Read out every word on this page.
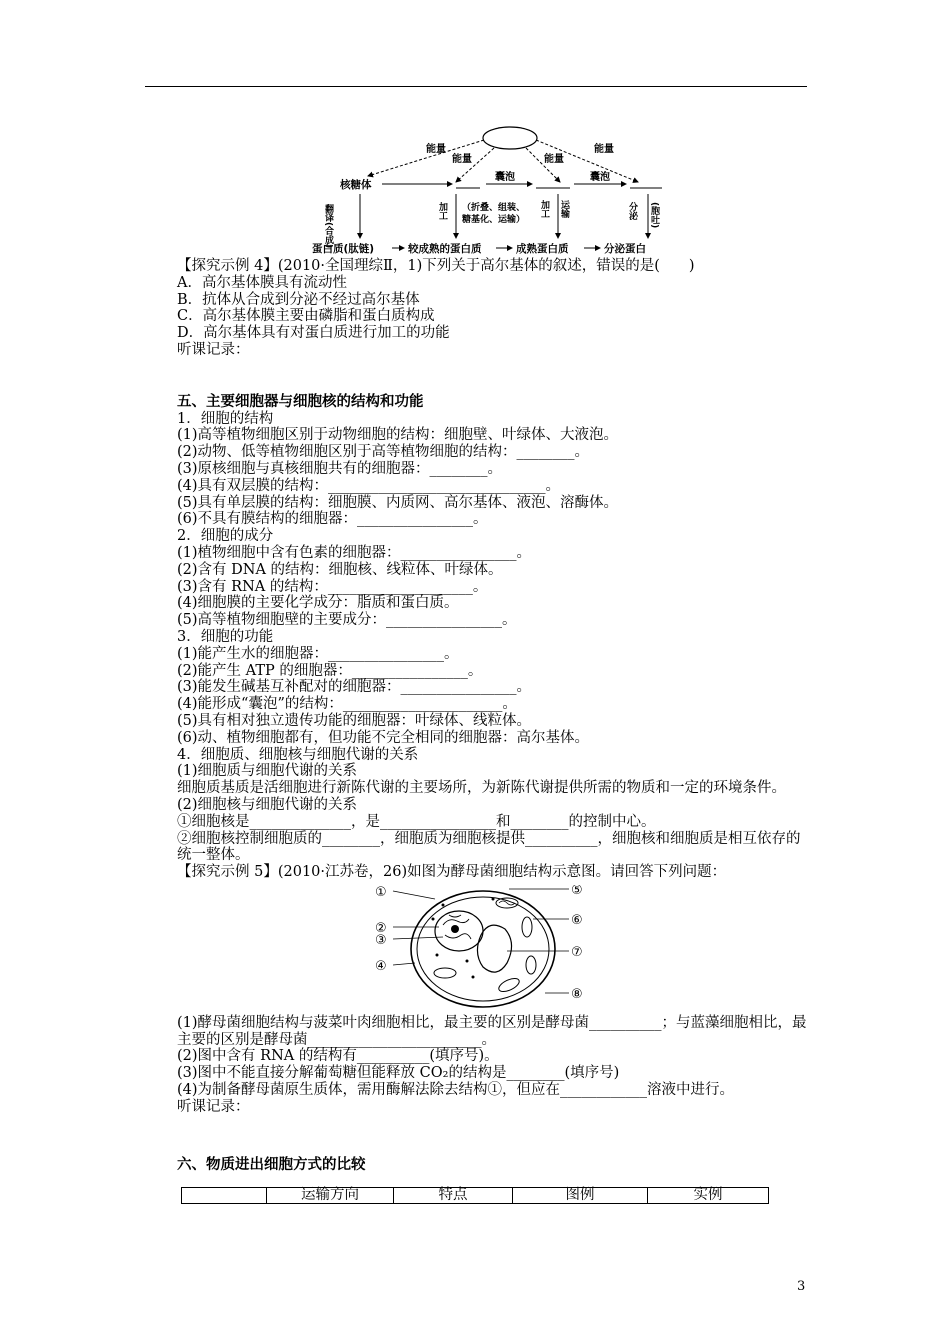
能量
能量	能量
能量
核糖体
囊泡	囊泡
翻译(合成)	加工 （折叠、组装、
糖基化、运输）
加工 运输	分泌 (胞吐)
蛋白质(肽链)	较成熟的蛋白质	成熟蛋白质	分泌蛋白

【探究示例 4】(2010·全国理综Ⅱ，1)下列关于高尔基体的叙述，错误的是(　　)

A．高尔基体膜具有流动性

B．抗体从合成到分泌不经过高尔基体

C．高尔基体膜主要由磷脂和蛋白质构成

D．高尔基体具有对蛋白质进行加工的功能

听课记录：

五、主要细胞器与细胞核的结构和功能

1．细胞的结构

(1)高等植物细胞区别于动物细胞的结构：细胞壁、叶绿体、大液泡。

(2)动物、低等植物细胞区别于高等植物细胞的结构：________。

(3)原核细胞与真核细胞共有的细胞器：________。

(4)具有双层膜的结构：______________________________。

(5)具有单层膜的结构：细胞膜、内质网、高尔基体、液泡、溶酶体。

(6)不具有膜结构的细胞器：________________。

2．细胞的成分

(1)植物细胞中含有色素的细胞器：________________。

(2)含有 DNA 的结构：细胞核、线粒体、叶绿体。

(3)含有 RNA 的结构：____________________。

(4)细胞膜的主要化学成分：脂质和蛋白质。

(5)高等植物细胞壁的主要成分：________________。

3．细胞的功能

(1)能产生水的细胞器：________________。

(2)能产生 ATP 的细胞器：________________。

(3)能发生碱基互补配对的细胞器：________________。

(4)能形成“囊泡”的结构：______________________。

(5)具有相对独立遗传功能的细胞器：叶绿体、线粒体。

(6)动、植物细胞都有，但功能不完全相同的细胞器：高尔基体。

4．细胞质、细胞核与细胞代谢的关系

(1)细胞质与细胞代谢的关系

细胞质基质是活细胞进行新陈代谢的主要场所，为新陈代谢提供所需的物质和一定的环境条件。

(2)细胞核与细胞代谢的关系

①细胞核是______________，是________________和________的控制中心。

②细胞核控制细胞质的________，细胞质为细胞核提供__________，细胞核和细胞质是相互依存的统一整体。

【探究示例 5】(2010·江苏卷，26)如图为酵母菌细胞结构示意图。请回答下列问题：

①
②
③
④
⑤
⑥
⑦
⑧

(1)酵母菌细胞结构与菠菜叶肉细胞相比，最主要的区别是酵母菌__________；与蓝藻细胞相比，最主要的区别是酵母菌________________________。

(2)图中含有 RNA 的结构有__________(填序号)。

(3)图中不能直接分解葡萄糖但能释放 CO₂的结构是________(填序号)

(4)为制备酵母菌原生质体，需用酶解法除去结构①，但应在____________溶液中进行。

听课记录：

六、物质进出细胞方式的比较

	运输方向	特点	图例	实例
3
